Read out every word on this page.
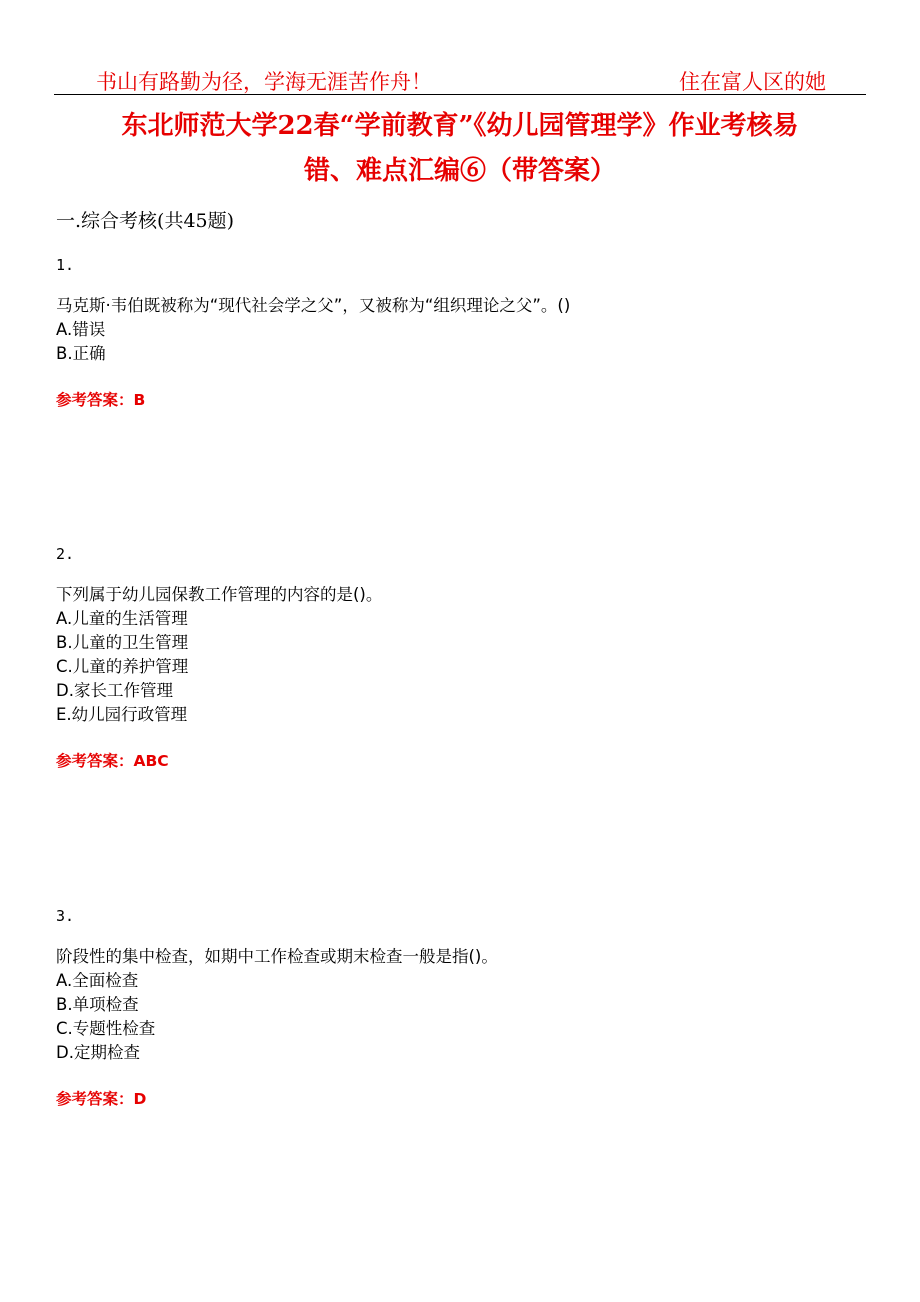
书山有路勤为径，学海无涯苦作舟！	住在富人区的她
东北师范大学22春“学前教育”《幼儿园管理学》作业考核易
错、难点汇编⑥（带答案）
一.综合考核(共45题)
1.
马克斯·韦伯既被称为“现代社会学之父”，又被称为“组织理论之父”。()
A.错误
B.正确
参考答案：B
2.
下列属于幼儿园保教工作管理的内容的是()。
A.儿童的生活管理
B.儿童的卫生管理
C.儿童的养护管理
D.家长工作管理
E.幼儿园行政管理
参考答案：ABC
3.
阶段性的集中检查，如期中工作检查或期末检查一般是指()。
A.全面检查
B.单项检查
C.专题性检查
D.定期检查
参考答案：D
